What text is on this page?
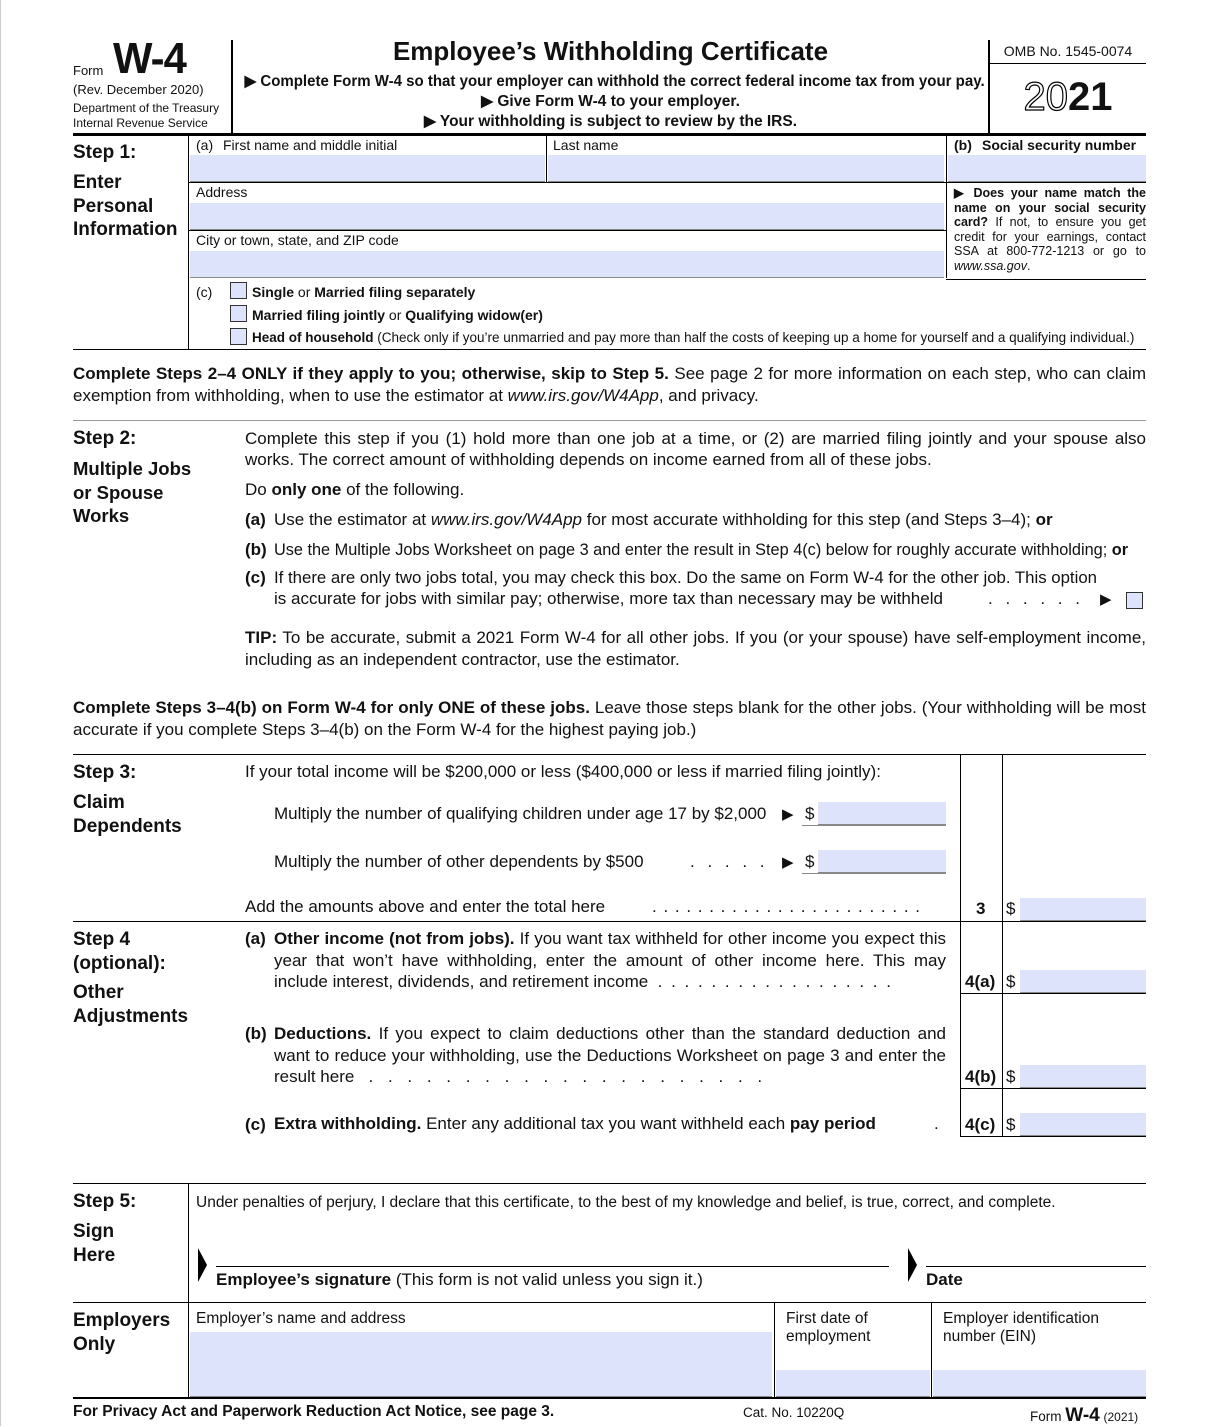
Form W-4
(Rev. December 2020)
Department of the Treasury
Internal Revenue Service
Employee’s Withholding Certificate
▶ Complete Form W-4 so that your employer can withhold the correct federal income tax from your pay.
▶ Give Form W-4 to your employer.
▶ Your withholding is subject to review by the IRS.
OMB No. 1545-0074
2021
Step 1:
Enter
Personal
Information
(a) First name and middle initial	Last name	(b) Social security number
Address
City or town, state, and ZIP code
▶ Does your name match the name on your social security card? If not, to ensure you get credit for your earnings, contact SSA at 800-772-1213 or go to www.ssa.gov.
(c)	Single or Married filing separately
Married filing jointly or Qualifying widow(er)
Head of household (Check only if you’re unmarried and pay more than half the costs of keeping up a home for yourself and a qualifying individual.)
Complete Steps 2–4 ONLY if they apply to you; otherwise, skip to Step 5. See page 2 for more information on each step, who can claim exemption from withholding, when to use the estimator at www.irs.gov/W4App, and privacy.
Step 2:
Multiple Jobs
or Spouse
Works
Complete this step if you (1) hold more than one job at a time, or (2) are married filing jointly and your spouse also works. The correct amount of withholding depends on income earned from all of these jobs.
Do only one of the following.
(a) Use the estimator at www.irs.gov/W4App for most accurate withholding for this step (and Steps 3–4); or
(b) Use the Multiple Jobs Worksheet on page 3 and enter the result in Step 4(c) below for roughly accurate withholding; or
(c) If there are only two jobs total, you may check this box. Do the same on Form W-4 for the other job. This option
is accurate for jobs with similar pay; otherwise, more tax than necessary may be withheld	. . . . . . ▶
TIP: To be accurate, submit a 2021 Form W-4 for all other jobs. If you (or your spouse) have self-employment income, including as an independent contractor, use the estimator.
Complete Steps 3–4(b) on Form W-4 for only ONE of these jobs. Leave those steps blank for the other jobs. (Your withholding will be most accurate if you complete Steps 3–4(b) on the Form W-4 for the highest paying job.)
Step 3:
Claim
Dependents
If your total income will be $200,000 or less ($400,000 or less if married filing jointly):
Multiply the number of qualifying children under age 17 by $2,000 ▶ $
Multiply the number of other dependents by $500	. . . . . ▶ $
Add the amounts above and enter the total here	. . . . . . . . . . . . . . . . . . . . . . . .	3 $
Step 4
(optional):
Other
Adjustments
(a) Other income (not from jobs). If you want tax withheld for other income you expect this year that won’t have withholding, enter the amount of other income here. This may include interest, dividends, and retirement income . . . . . . . . . . . . . . . . . .	4(a) $
(b) Deductions. If you expect to claim deductions other than the standard deduction and want to reduce your withholding, use the Deductions Worksheet on page 3 and enter the result here . . . . . . . . . . . . . . . . . . . . .	4(b) $
(c) Extra withholding. Enter any additional tax you want withheld each pay period	. 4(c) $
Step 5:
Sign
Here
Under penalties of perjury, I declare that this certificate, to the best of my knowledge and belief, is true, correct, and complete.
Employee’s signature (This form is not valid unless you sign it.)	Date
Employers
Only
Employer’s name and address	First date of
employment
Employer identification
number (EIN)
For Privacy Act and Paperwork Reduction Act Notice, see page 3.	Cat. No. 10220Q	Form W-4 (2021)
